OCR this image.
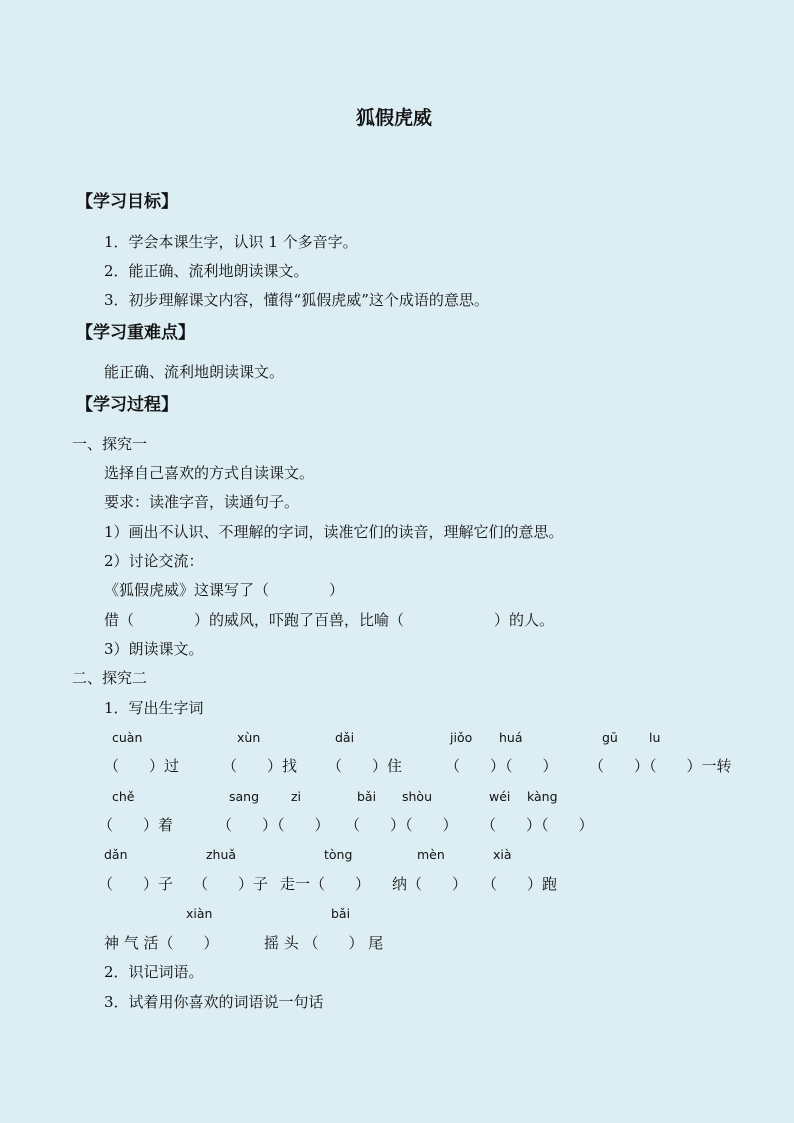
狐假虎威
【学习目标】
1．学会本课生字，认识 1 个多音字。
2．能正确、流利地朗读课文。
3．初步理解课文内容，懂得“狐假虎威”这个成语的意思。
【学习重难点】
能正确、流利地朗读课文。
【学习过程】
一、探究一
选择自己喜欢的方式自读课文。
要求：读准字音，读通句子。
1）画出不认识、不理解的字词，读准它们的读音，理解它们的意思。
2）讨论交流：
《狐假虎威》这课写了（　　　　）
借（　　　　）的威风，吓跑了百兽，比喻（　　　　　　）的人。
3）朗读课文。
二、探究二
1．写出生字词
cuàn	xùn	dǎi	jiǒo huá	gū lu
（　　）过	（　　）找 （　　）住	（　　）（　　） （　　）（　　）一转
chě	sang	zi	bǎi shòu	wéi kàng
（　　）着	（　　）（　　） （　　）（　　） （　　）（　　）
dǎn	zhuǎ	tòng	mèn	xià
（　　）子 （　　）子 走一（　　） 纳（　　） （　　）跑
xiàn	bǎi
神 气 活（　　）	摇 头 （　　） 尾
2．识记词语。
3．试着用你喜欢的词语说一句话
